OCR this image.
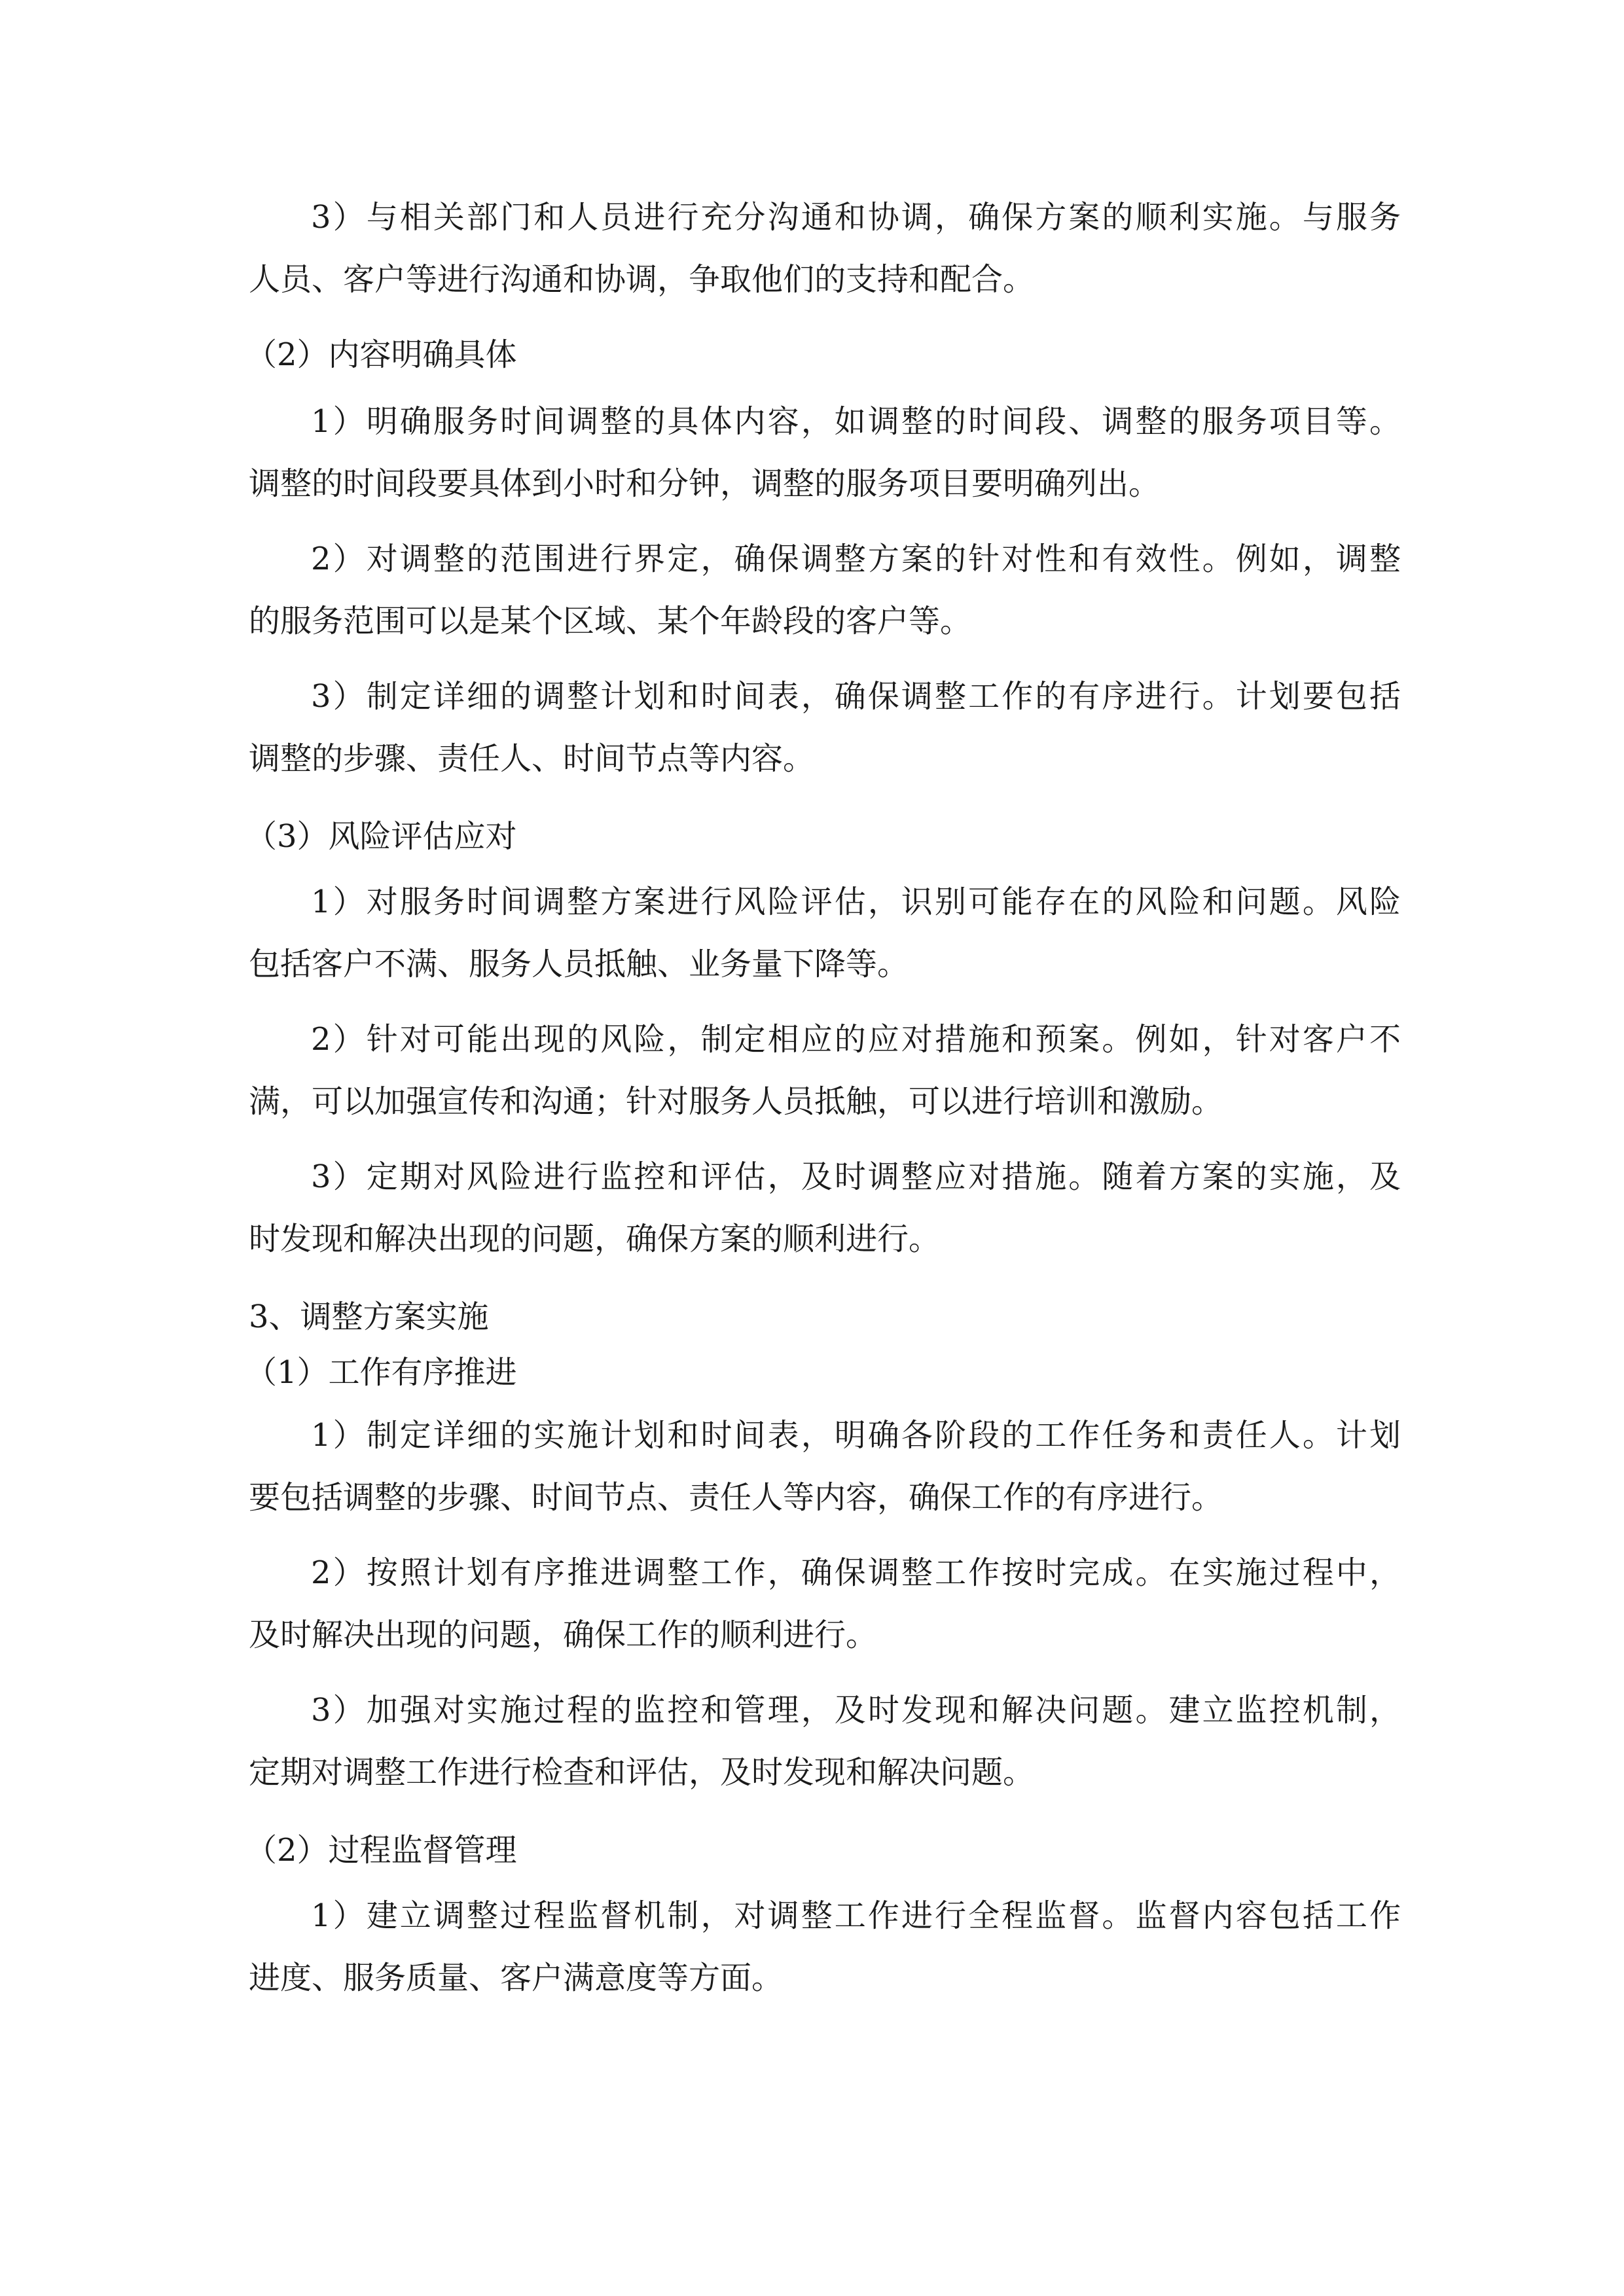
3）与相关部门和人员进行充分沟通和协调，确保方案的顺利实施。与服务
人员、客户等进行沟通和协调，争取他们的支持和配合。
（2）内容明确具体
1）明确服务时间调整的具体内容，如调整的时间段、调整的服务项目等。
调整的时间段要具体到小时和分钟，调整的服务项目要明确列出。
2）对调整的范围进行界定，确保调整方案的针对性和有效性。例如，调整
的服务范围可以是某个区域、某个年龄段的客户等。
3）制定详细的调整计划和时间表，确保调整工作的有序进行。计划要包括
调整的步骤、责任人、时间节点等内容。
（3）风险评估应对
1）对服务时间调整方案进行风险评估，识别可能存在的风险和问题。风险
包括客户不满、服务人员抵触、业务量下降等。
2）针对可能出现的风险，制定相应的应对措施和预案。例如，针对客户不
满，可以加强宣传和沟通；针对服务人员抵触，可以进行培训和激励。
3）定期对风险进行监控和评估，及时调整应对措施。随着方案的实施，及
时发现和解决出现的问题，确保方案的顺利进行。
3、调整方案实施
（1）工作有序推进
1）制定详细的实施计划和时间表，明确各阶段的工作任务和责任人。计划
要包括调整的步骤、时间节点、责任人等内容，确保工作的有序进行。
2）按照计划有序推进调整工作，确保调整工作按时完成。在实施过程中，
及时解决出现的问题，确保工作的顺利进行。
3）加强对实施过程的监控和管理，及时发现和解决问题。建立监控机制，
定期对调整工作进行检查和评估，及时发现和解决问题。
（2）过程监督管理
1）建立调整过程监督机制，对调整工作进行全程监督。监督内容包括工作
进度、服务质量、客户满意度等方面。
